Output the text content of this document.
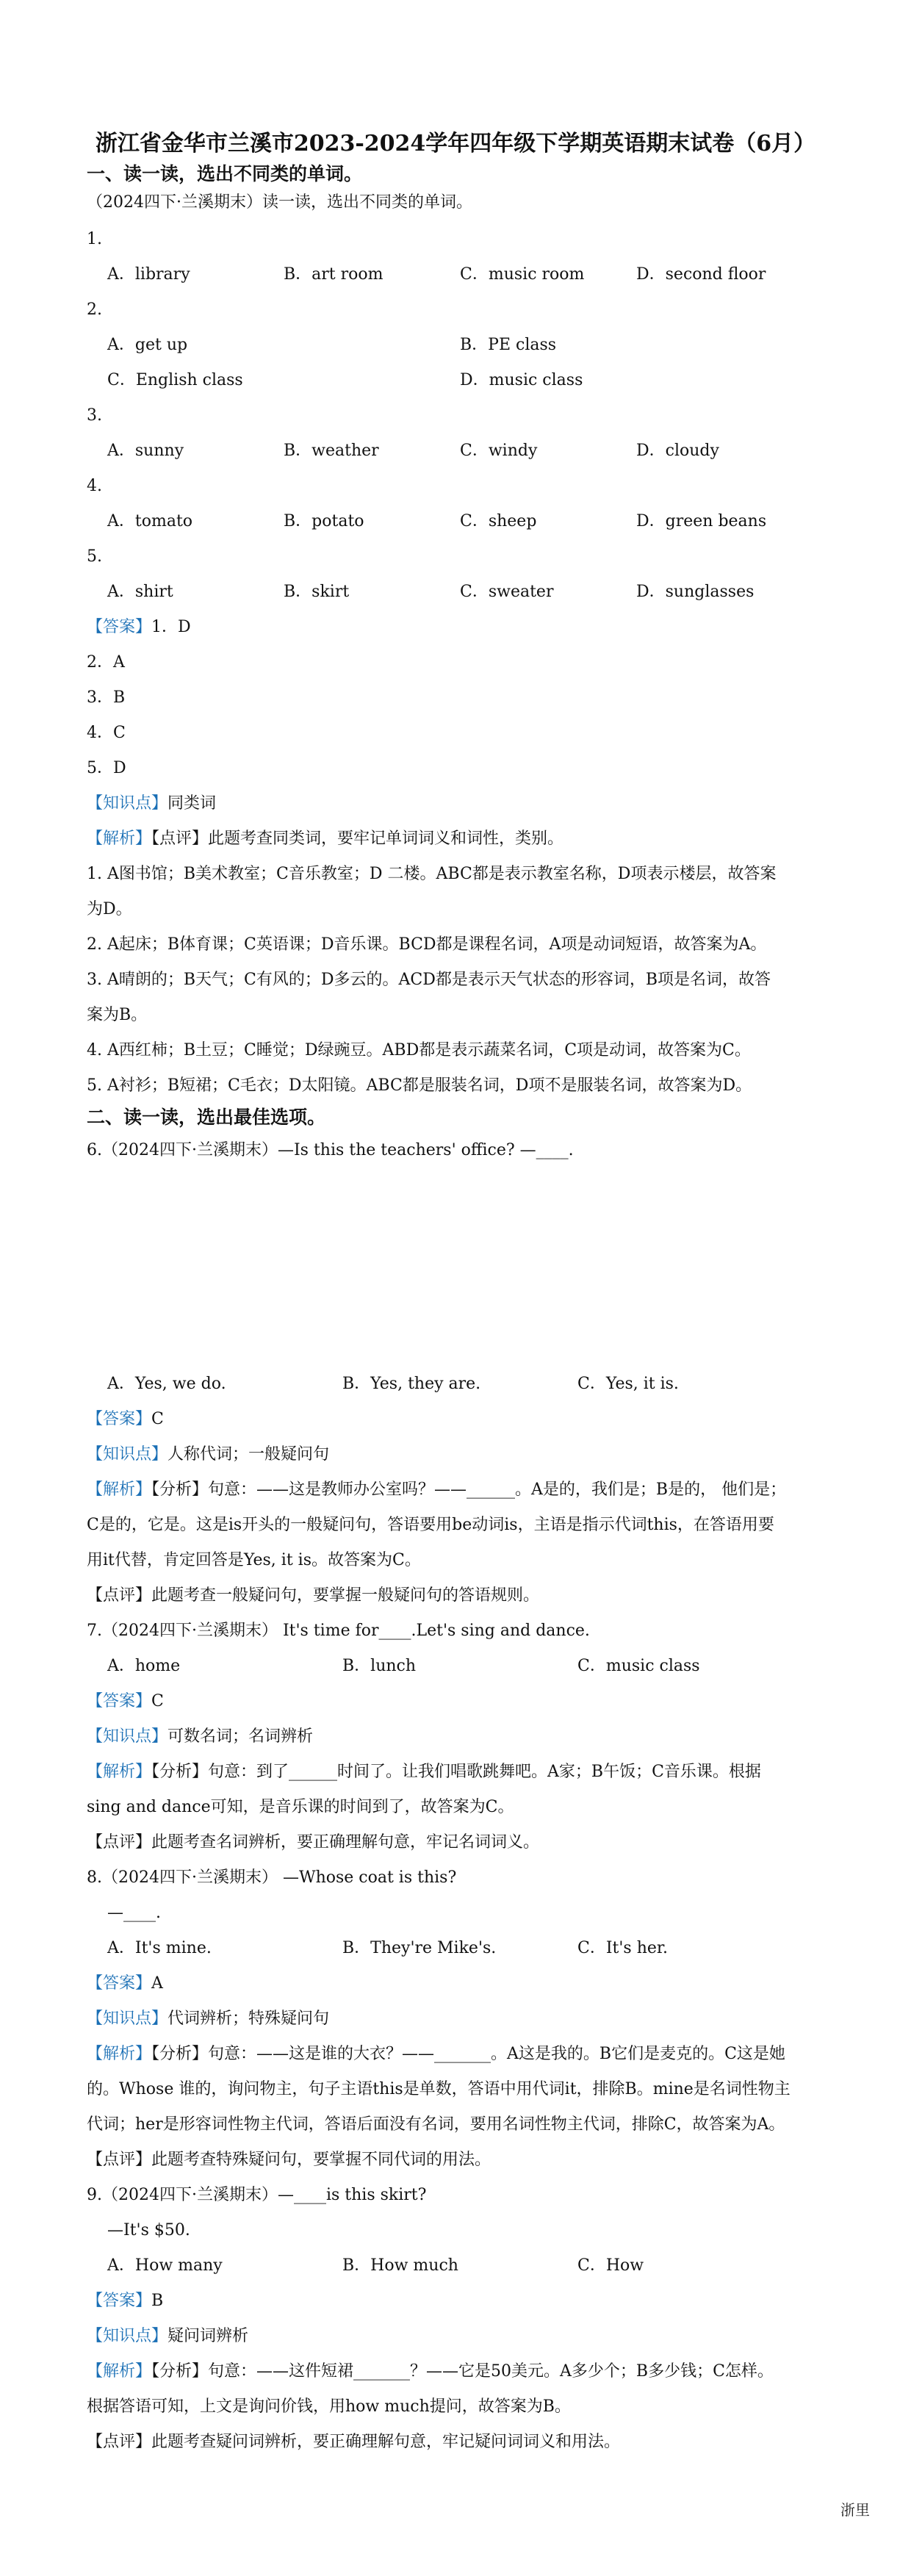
浙江省金华市兰溪市2023-2024学年四年级下学期英语期末试卷（6月）
一、读一读，选出不同类的单词。
（2024四下·兰溪期末）读一读，选出不同类的单词。
1.
A．library	B．art room	C．music room	D．second floor
2.
A．get up	B．PE class
C．English class	D．music class
3.
A．sunny	B．weather	C．windy	D．cloudy
4.
A．tomato	B．potato	C．sheep	D．green beans
5.
A．shirt	B．skirt	C．sweater	D．sunglasses
【答案】1．D
2．A
3．B
4．C
5．D
【知识点】同类词
【解析】【点评】此题考查同类词，要牢记单词词义和词性，类别。
1. A图书馆；B美术教室；C音乐教室；D 二楼。ABC都是表示教室名称，D项表示楼层，故答案
为D。
2. A起床；B体育课；C英语课；D音乐课。BCD都是课程名词，A项是动词短语，故答案为A。
3. A晴朗的；B天气；C有风的；D多云的。ACD都是表示天气状态的形容词，B项是名词，故答
案为B。
4. A西红柿；B土豆；C睡觉；D绿豌豆。ABD都是表示蔬菜名词，C项是动词，故答案为C。
5. A衬衫；B短裙；C毛衣；D太阳镜。ABC都是服装名词，D项不是服装名词，故答案为D。
二、读一读，选出最佳选项。
6.（2024四下·兰溪期末）—Is this the teachers' office? —____.
A．Yes, we do.	B．Yes, they are.	C．Yes, it is.
【答案】C
【知识点】人称代词；一般疑问句
【解析】【分析】句意：——这是教师办公室吗？——______。A是的，我们是；B是的， 他们是；
C是的，它是。这是is开头的一般疑问句，答语要用be动词is，主语是指示代词this，在答语用要
用it代替，肯定回答是Yes, it is。故答案为C。
【点评】此题考查一般疑问句，要掌握一般疑问句的答语规则。
7.（2024四下·兰溪期末） It's time for____.Let's sing and dance.
A．home	B．lunch	C．music class
【答案】C
【知识点】可数名词；名词辨析
【解析】【分析】句意：到了______时间了。让我们唱歌跳舞吧。A家；B午饭；C音乐课。根据
sing and dance可知，是音乐课的时间到了，故答案为C。
【点评】此题考查名词辨析，要正确理解句意，牢记名词词义。
8.（2024四下·兰溪期末） —Whose coat is this?
—____.
A．It's mine.	B．They're Mike's.	C．It's her.
【答案】A
【知识点】代词辨析；特殊疑问句
【解析】【分析】句意：——这是谁的大衣？——_______。A这是我的。B它们是麦克的。C这是她
的。Whose 谁的，询问物主，句子主语this是单数，答语中用代词it，排除B。mine是名词性物主
代词；her是形容词性物主代词，答语后面没有名词，要用名词性物主代词，排除C，故答案为A。
【点评】此题考查特殊疑问句，要掌握不同代词的用法。
9.（2024四下·兰溪期末）—____is this skirt?
—It's $50.
A．How many	B．How much	C．How
【答案】B
【知识点】疑问词辨析
【解析】【分析】句意：——这件短裙_______？——它是50美元。A多少个；B多少钱；C怎样。
根据答语可知，上文是询问价钱，用how much提问，故答案为B。
【点评】此题考查疑问词辨析，要正确理解句意，牢记疑问词词义和用法。
浙里
